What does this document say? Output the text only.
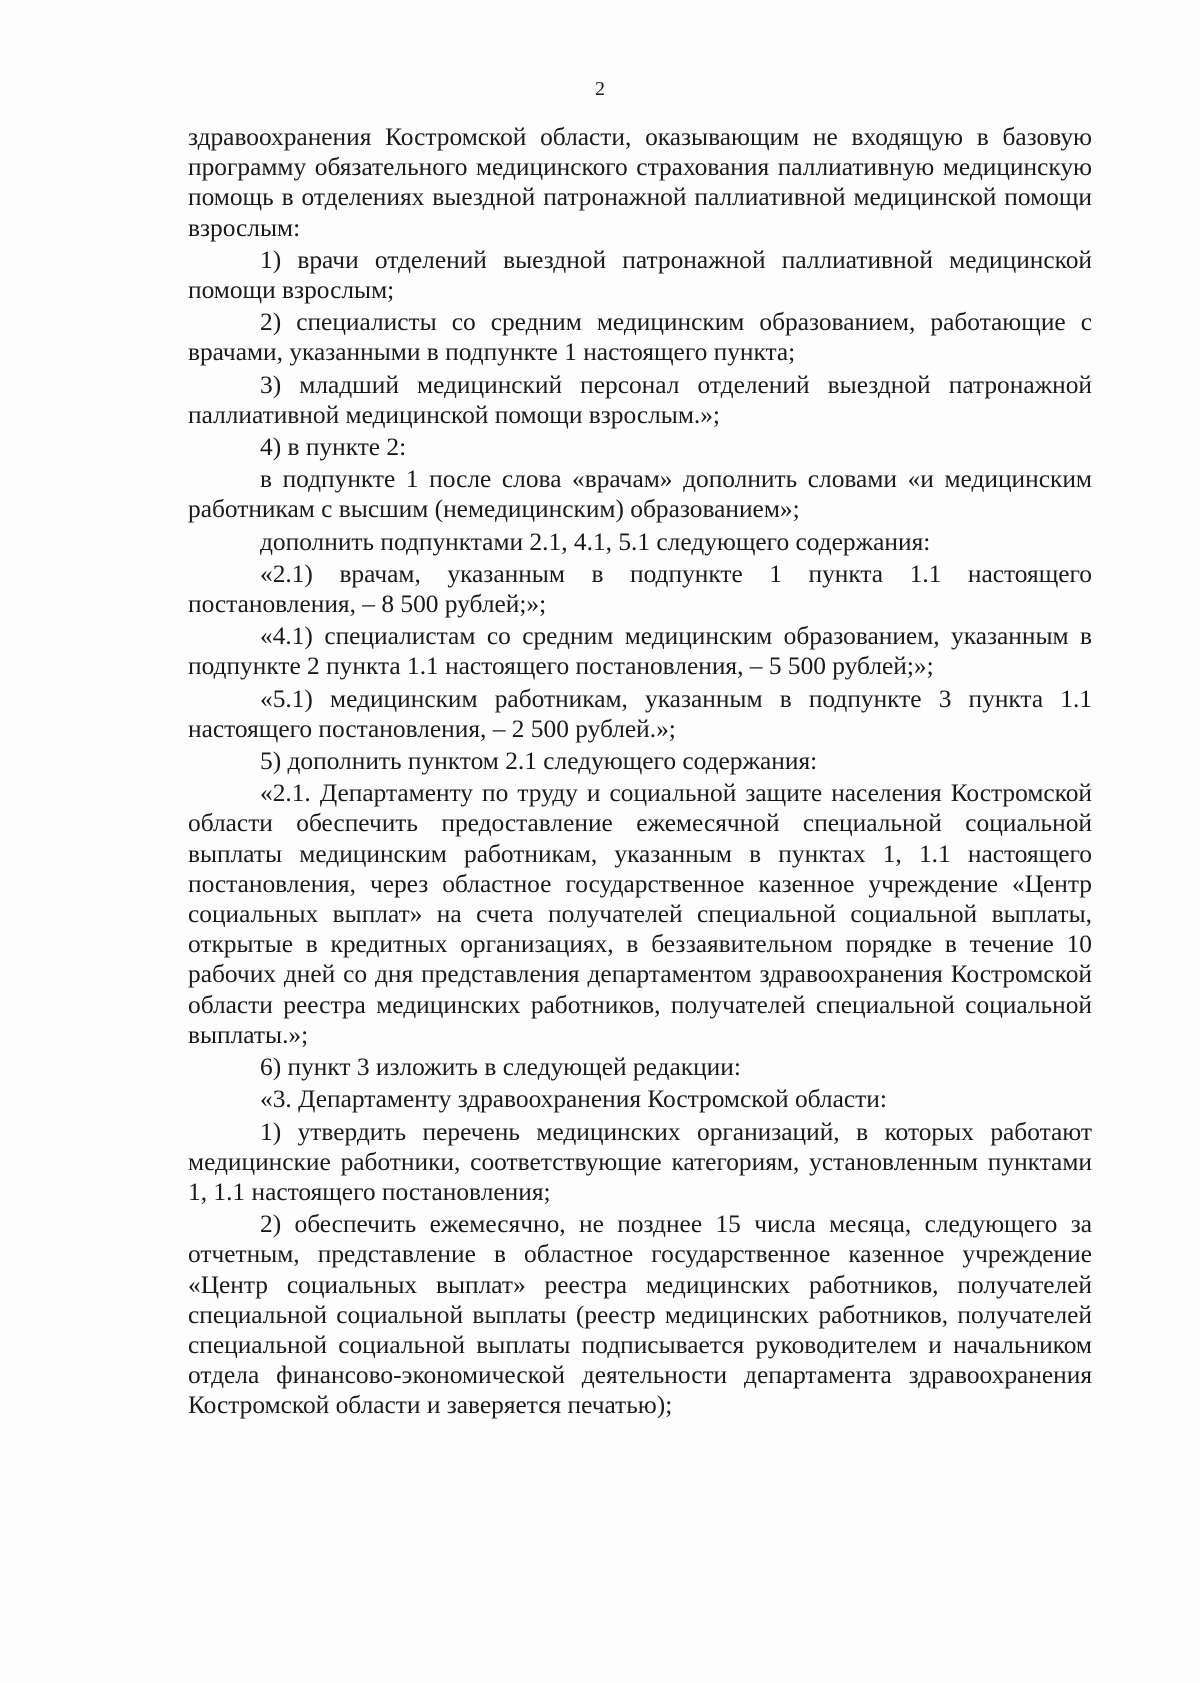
2

здравоохранения Костромской области, оказывающим не входящую в базовую программу обязательного медицинского страхования паллиативную медицинскую помощь в отделениях выездной патронажной паллиативной медицинской помощи взрослым:

1) врачи отделений выездной патронажной паллиативной медицинской помощи взрослым;

2) специалисты со средним медицинским образованием, работающие с врачами, указанными в подпункте 1 настоящего пункта;

3) младший медицинский персонал отделений выездной патронажной паллиативной медицинской помощи взрослым.»;

4) в пункте 2:

в подпункте 1 после слова «врачам» дополнить словами «и медицинским работникам с высшим (немедицинским) образованием»;

дополнить подпунктами 2.1, 4.1, 5.1 следующего содержания:

«2.1) врачам, указанным в подпункте 1 пункта 1.1 настоящего постановления, – 8 500 рублей;»;

«4.1) специалистам со средним медицинским образованием, указанным в подпункте 2 пункта 1.1 настоящего постановления, – 5 500 рублей;»;

«5.1) медицинским работникам, указанным в подпункте 3 пункта 1.1 настоящего постановления, – 2 500 рублей.»;

5) дополнить пунктом 2.1 следующего содержания:

«2.1. Департаменту по труду и социальной защите населения Костромской области обеспечить предоставление ежемесячной специальной социальной выплаты медицинским работникам, указанным в пунктах 1, 1.1 настоящего постановления, через областное государственное казенное учреждение «Центр социальных выплат» на счета получателей специальной социальной выплаты, открытые в кредитных организациях, в беззаявительном порядке в течение 10 рабочих дней со дня представления департаментом здравоохранения Костромской области реестра медицинских работников, получателей специальной социальной выплаты.»;

6) пункт 3 изложить в следующей редакции:

«3. Департаменту здравоохранения Костромской области:

1) утвердить перечень медицинских организаций, в которых работают медицинские работники, соответствующие категориям, установленным пунктами 1, 1.1 настоящего постановления;

2) обеспечить ежемесячно, не позднее 15 числа месяца, следующего за отчетным, представление в областное государственное казенное учреждение «Центр социальных выплат» реестра медицинских работников, получателей специальной социальной выплаты (реестр медицинских работников, получателей специальной социальной выплаты подписывается руководителем и начальником отдела финансово-экономической деятельности департамента здравоохранения Костромской области и заверяется печатью);
